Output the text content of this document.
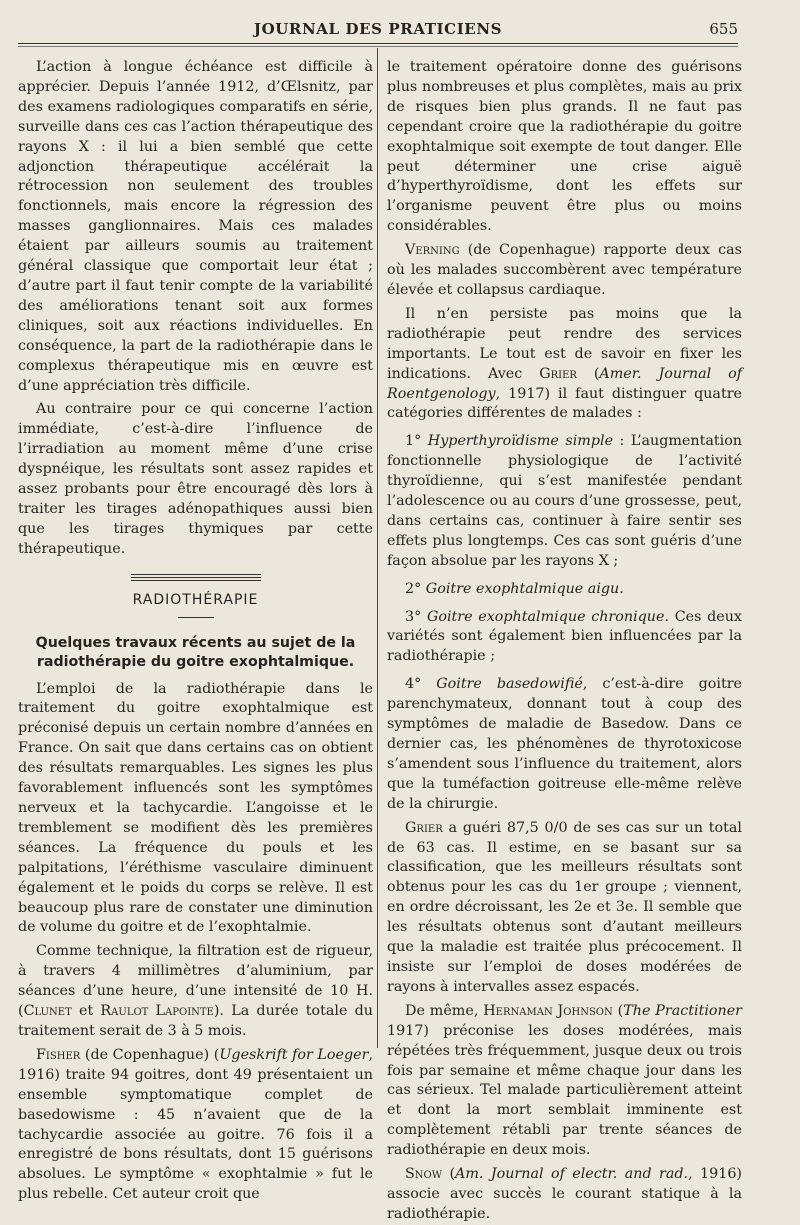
JOURNAL DES PRATICIENS	655

L’action à longue échéance est difficile à apprécier. Depuis l’année 1912, d’Œlsnitz, par des examens radiologiques comparatifs en série, surveille dans ces cas l’action thérapeutique des rayons X : il lui a bien semblé que cette adjonction thérapeutique accélérait la rétrocession non seulement des troubles fonctionnels, mais encore la régression des masses ganglionnaires. Mais ces malades étaient par ailleurs soumis au traitement général classique que comportait leur état ; d’autre part il faut tenir compte de la variabilité des améliorations tenant soit aux formes cliniques, soit aux réactions individuelles. En conséquence, la part de la radiothérapie dans le complexus thérapeutique mis en œuvre est d’une appréciation très difficile.

Au contraire pour ce qui concerne l’action immédiate, c’est-à-dire l’influence de l’irradiation au moment même d’une crise dyspnéique, les résultats sont assez rapides et assez probants pour être encouragé dès lors à traiter les tirages adénopathiques aussi bien que les tirages thymiques par cette thérapeutique.

RADIOTHÉRAPIE
Quelques travaux récents au sujet de la radiothérapie du goitre exophtalmique.

L’emploi de la radiothérapie dans le traitement du goitre exophtalmique est préconisé depuis un certain nombre d’années en France. On sait que dans certains cas on obtient des résultats remarquables. Les signes les plus favorablement influencés sont les symptômes nerveux et la tachycardie. L’angoisse et le tremblement se modifient dès les premières séances. La fréquence du pouls et les palpitations, l’éréthisme vasculaire diminuent également et le poids du corps se relève. Il est beaucoup plus rare de constater une diminution de volume du goitre et de l’exophtalmie.

Comme technique, la filtration est de rigueur, à travers 4 millimètres d’aluminium, par séances d’une heure, d’une intensité de 10 H. (Clunet et Raulot Lapointe). La durée totale du traitement serait de 3 à 5 mois.

Fisher (de Copenhague) (Ugeskrift for Loeger, 1916) traite 94 goitres, dont 49 présentaient un ensemble symptomatique complet de basedowisme : 45 n’avaient que de la tachycardie associée au goitre. 76 fois il a enregistré de bons résultats, dont 15 guérisons absolues. Le symptôme « exophtalmie » fut le plus rebelle. Cet auteur croit que

le traitement opératoire donne des guérisons plus nombreuses et plus complètes, mais au prix de risques bien plus grands. Il ne faut pas cependant croire que la radiothérapie du goitre exophtalmique soit exempte de tout danger. Elle peut déterminer une crise aiguë d’hyperthyroïdisme, dont les effets sur l’organisme peuvent être plus ou moins considérables.

Verning (de Copenhague) rapporte deux cas où les malades succombèrent avec température élevée et collapsus cardiaque.

Il n’en persiste pas moins que la radiothérapie peut rendre des services importants. Le tout est de savoir en fixer les indications. Avec Grier (Amer. Journal of Roentgenology, 1917) il faut distinguer quatre catégories différentes de malades :

1° Hyperthyroïdisme simple : L’augmentation fonctionnelle physiologique de l’activité thyroïdienne, qui s’est manifestée pendant l’adolescence ou au cours d’une grossesse, peut, dans certains cas, continuer à faire sentir ses effets plus longtemps. Ces cas sont guéris d’une façon absolue par les rayons X ;

2° Goitre exophtalmique aigu.

3° Goitre exophtalmique chronique. Ces deux variétés sont également bien influencées par la radiothérapie ;

4° Goitre basedowifié, c’est-à-dire goitre parenchymateux, donnant tout à coup des symptômes de maladie de Basedow. Dans ce dernier cas, les phénomènes de thyrotoxicose s’amendent sous l’influence du traitement, alors que la tuméfaction goitreuse elle-même relève de la chirurgie.

Grier a guéri 87,5 0/0 de ses cas sur un total de 63 cas. Il estime, en se basant sur sa classification, que les meilleurs résultats sont obtenus pour les cas du 1er groupe ; viennent, en ordre décroissant, les 2e et 3e. Il semble que les résultats obtenus sont d’autant meilleurs que la maladie est traitée plus précocement. Il insiste sur l’emploi de doses modérées de rayons à intervalles assez espacés.

De même, Hernaman Johnson (The Practitioner 1917) préconise les doses modérées, mais répétées très fréquemment, jusque deux ou trois fois par semaine et même chaque jour dans les cas sérieux. Tel malade particulièrement atteint et dont la mort semblait imminente est complètement rétabli par trente séances de radiothérapie en deux mois.

Snow (Am. Journal of electr. and rad., 1916) associe avec succès le courant statique à la radiothérapie.
